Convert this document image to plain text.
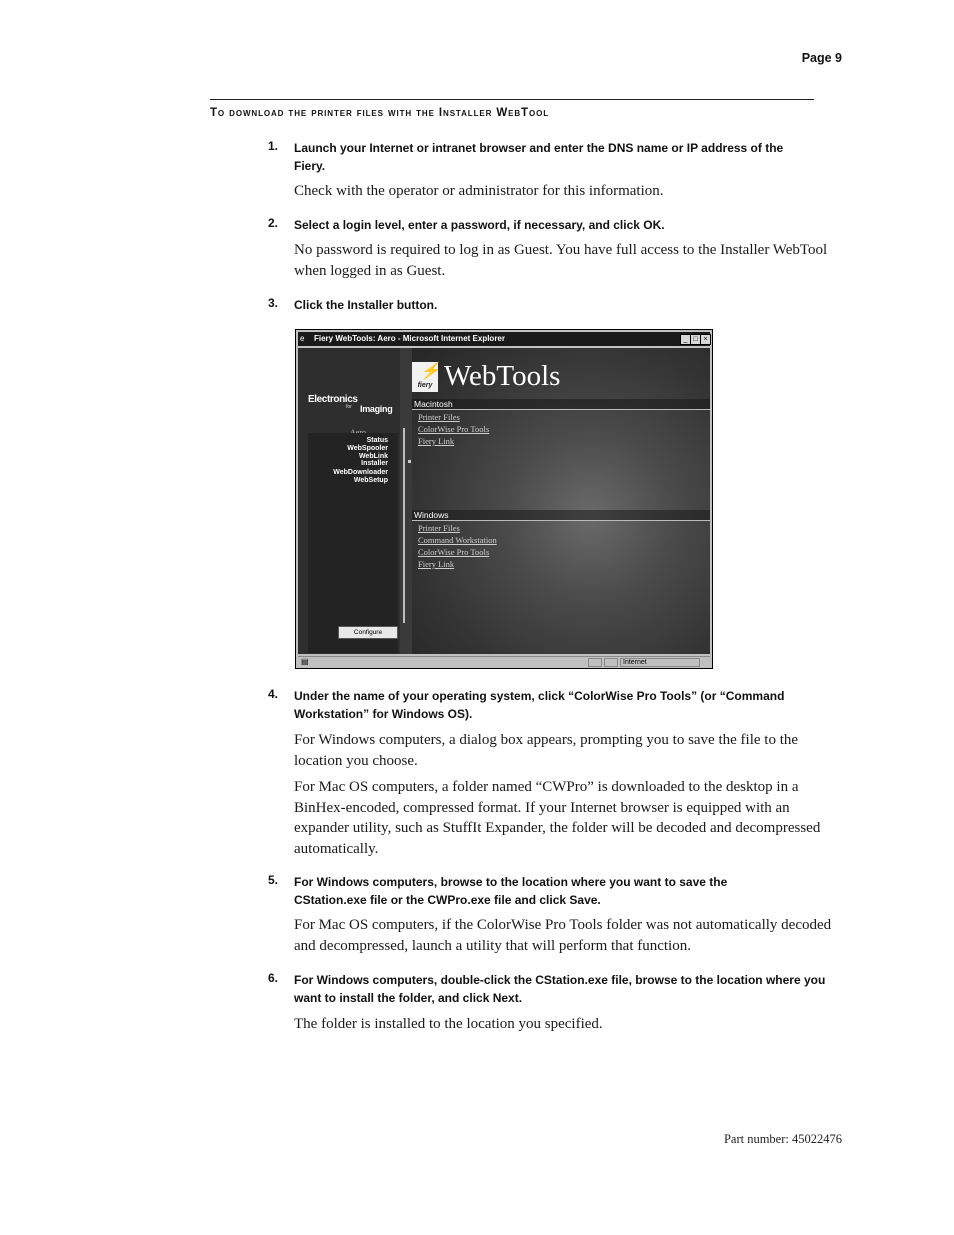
Page 9
To download the printer files with the Installer WebTool
1.	Launch your Internet or intranet browser and enter the DNS name or IP address of the Fiery.
Check with the operator or administrator for this information.
2.	Select a login level, enter a password, if necessary, and click OK.
No password is required to log in as Guest. You have full access to the Installer WebTool when logged in as Guest.
3.	Click the Installer button.
e	Fiery WebTools: Aero - Microsoft Internet Explorer	_ □ ×
Electronics
for Imaging
Status
WebSpooler
WebLink
Installer
WebDownloader
WebSetup
Configure
⚡
fiery WebTools
Macintosh
Printer Files
ColorWise Pro Tools
Fiery Link
Windows
Printer Files
Command Workstation
ColorWise Pro Tools
Fiery Link
▤	Internet
4.	Under the name of your operating system, click “ColorWise Pro Tools” (or “Command Workstation” for Windows OS).
For Windows computers, a dialog box appears, prompting you to save the file to the location you choose.
For Mac OS computers, a folder named “CWPro” is downloaded to the desktop in a BinHex-encoded, compressed format. If your Internet browser is equipped with an expander utility, such as StuffIt Expander, the folder will be decoded and decompressed automatically.
5.	For Windows computers, browse to the location where you want to save the CStation.exe file or the CWPro.exe file and click Save.
For Mac OS computers, if the ColorWise Pro Tools folder was not automatically decoded and decompressed, launch a utility that will perform that function.
6.	For Windows computers, double-click the CStation.exe file, browse to the location where you want to install the folder, and click Next.
The folder is installed to the location you specified.
Part number: 45022476
